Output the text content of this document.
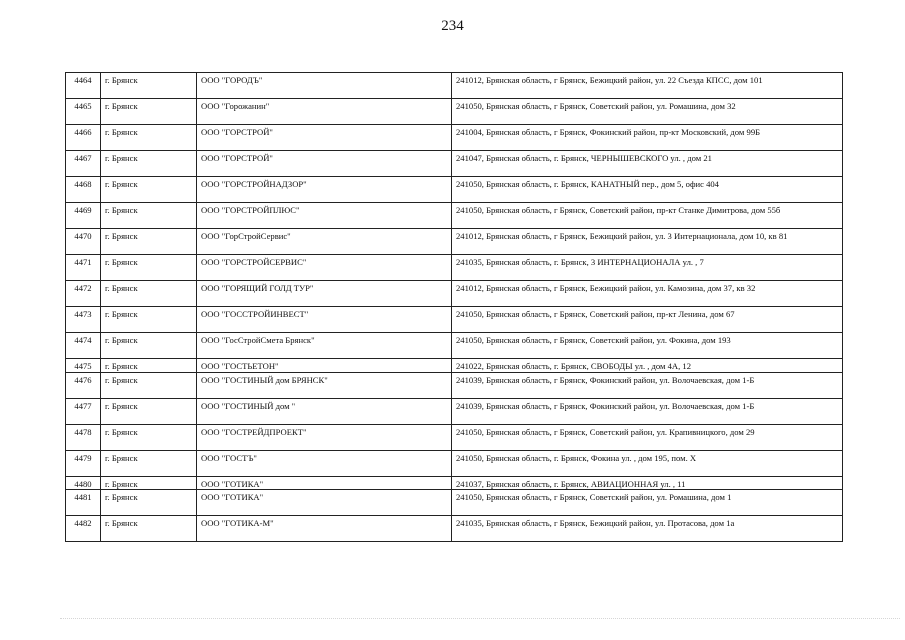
234
4464	г. Брянск	ООО "ГОРОДЪ"	241012, Брянская область, г Брянск, Бежицкий район, ул. 22 Съезда КПСС, дом 101
4465	г. Брянск	ООО "Горожанин"	241050, Брянская область, г Брянск, Советский район, ул. Ромашина, дом 32
4466	г. Брянск	ООО "ГОРСТРОЙ"	241004, Брянская область, г Брянск, Фокинский район, пр-кт Московский, дом 99Б
4467	г. Брянск	ООО "ГОРСТРОЙ"	241047, Брянская область, г. Брянск, ЧЕРНЫШЕВСКОГО ул. , дом 21
4468	г. Брянск	ООО "ГОРСТРОЙНАДЗОР"	241050, Брянская область, г. Брянск, КАНАТНЫЙ пер., дом 5, офис 404
4469	г. Брянск	ООО "ГОРСТРОЙПЛЮС"	241050, Брянская область, г Брянск, Советский район, пр-кт Станке Димитрова, дом 55б
4470	г. Брянск	ООО "ГорСтройСервис"	241012, Брянская область, г Брянск, Бежицкий район, ул. 3 Интернационала, дом 10, кв 81
4471	г. Брянск	ООО "ГОРСТРОЙСЕРВИС"	241035, Брянская область, г. Брянск, 3 ИНТЕРНАЦИОНАЛА ул. , 7
4472	г. Брянск	ООО "ГОРЯЩИЙ ГОЛД ТУР"	241012, Брянская область, г Брянск, Бежицкий район, ул. Камозина, дом 37, кв 32
4473	г. Брянск	ООО "ГОССТРОЙИНВЕСТ"	241050, Брянская область, г Брянск, Советский район, пр-кт Ленина, дом 67
4474	г. Брянск	ООО "ГосСтройСмета Брянск"	241050, Брянская область, г Брянск, Советский район, ул. Фокина, дом 193
4475	г. Брянск	ООО "ГОСТЬЕТОН"	241022, Брянская область, г. Брянск, СВОБОДЫ ул. , дом 4А, 12
4476	г. Брянск	ООО "ГОСТИНЫЙ дом БРЯНСК"	241039, Брянская область, г Брянск, Фокинский район, ул. Волочаевская, дом 1-Б
4477	г. Брянск	ООО "ГОСТИНЫЙ дом "	241039, Брянская область, г Брянск, Фокинский район, ул. Волочаевская, дом 1-Б
4478	г. Брянск	ООО "ГОСТРЕЙДПРОЕКТ"	241050, Брянская область, г Брянск, Советский район, ул. Крапивницкого, дом 29
4479	г. Брянск	ООО "ГОСТЪ"	241050, Брянская область, г. Брянск, Фокина ул. , дом 195, пом. Х
4480	г. Брянск	ООО "ГОТИКА"	241037, Брянская область, г. Брянск, АВИАЦИОННАЯ ул. , 11
4481	г. Брянск	ООО "ГОТИКА"	241050, Брянская область, г Брянск, Советский район, ул. Ромашина, дом 1
4482	г. Брянск	ООО "ГОТИКА-М"	241035, Брянская область, г Брянск, Бежицкий район, ул. Протасова, дом 1а
